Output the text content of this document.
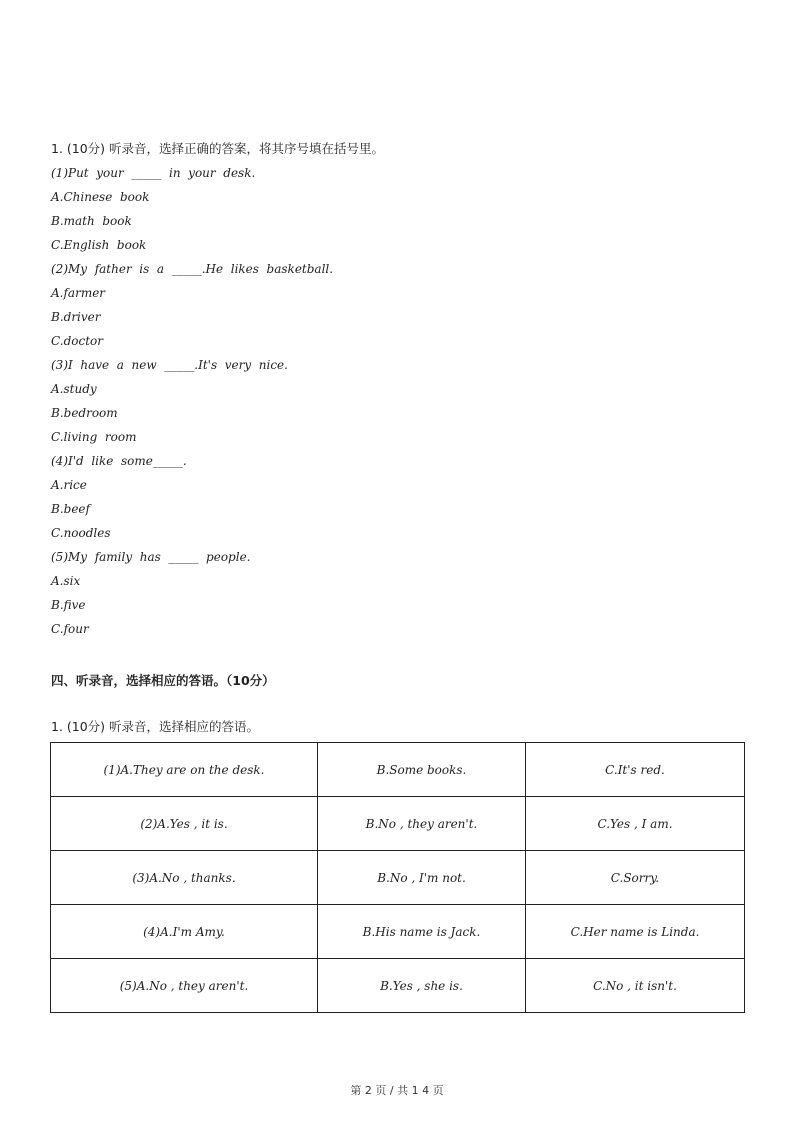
1. (10分) 听录音，选择正确的答案，将其序号填在括号里。
(1)Put  your  _____  in  your  desk.
A.Chinese  book
B.math  book
C.English  book
(2)My  father  is  a  _____.He  likes  basketball.
A.farmer
B.driver
C.doctor
(3)I  have  a  new  _____.It's  very  nice.
A.study
B.bedroom
C.living  room
(4)I'd  like  some_____.
A.rice
B.beef
C.noodles
(5)My  family  has  _____  people.
A.six
B.five
C.four
四、听录音，选择相应的答语。（10分）
1. (10分) 听录音，选择相应的答语。
(1)A.They are on the desk.	B.Some books.	C.It's red.
(2)A.Yes , it is.	B.No , they aren't.	C.Yes , I am.
(3)A.No , thanks.	B.No , I'm not.	C.Sorry.
(4)A.I'm Amy.	B.His name is Jack.	C.Her name is Linda.
(5)A.No , they aren't.	B.Yes , she is.	C.No , it isn't.
第 2 页 / 共 1 4 页
